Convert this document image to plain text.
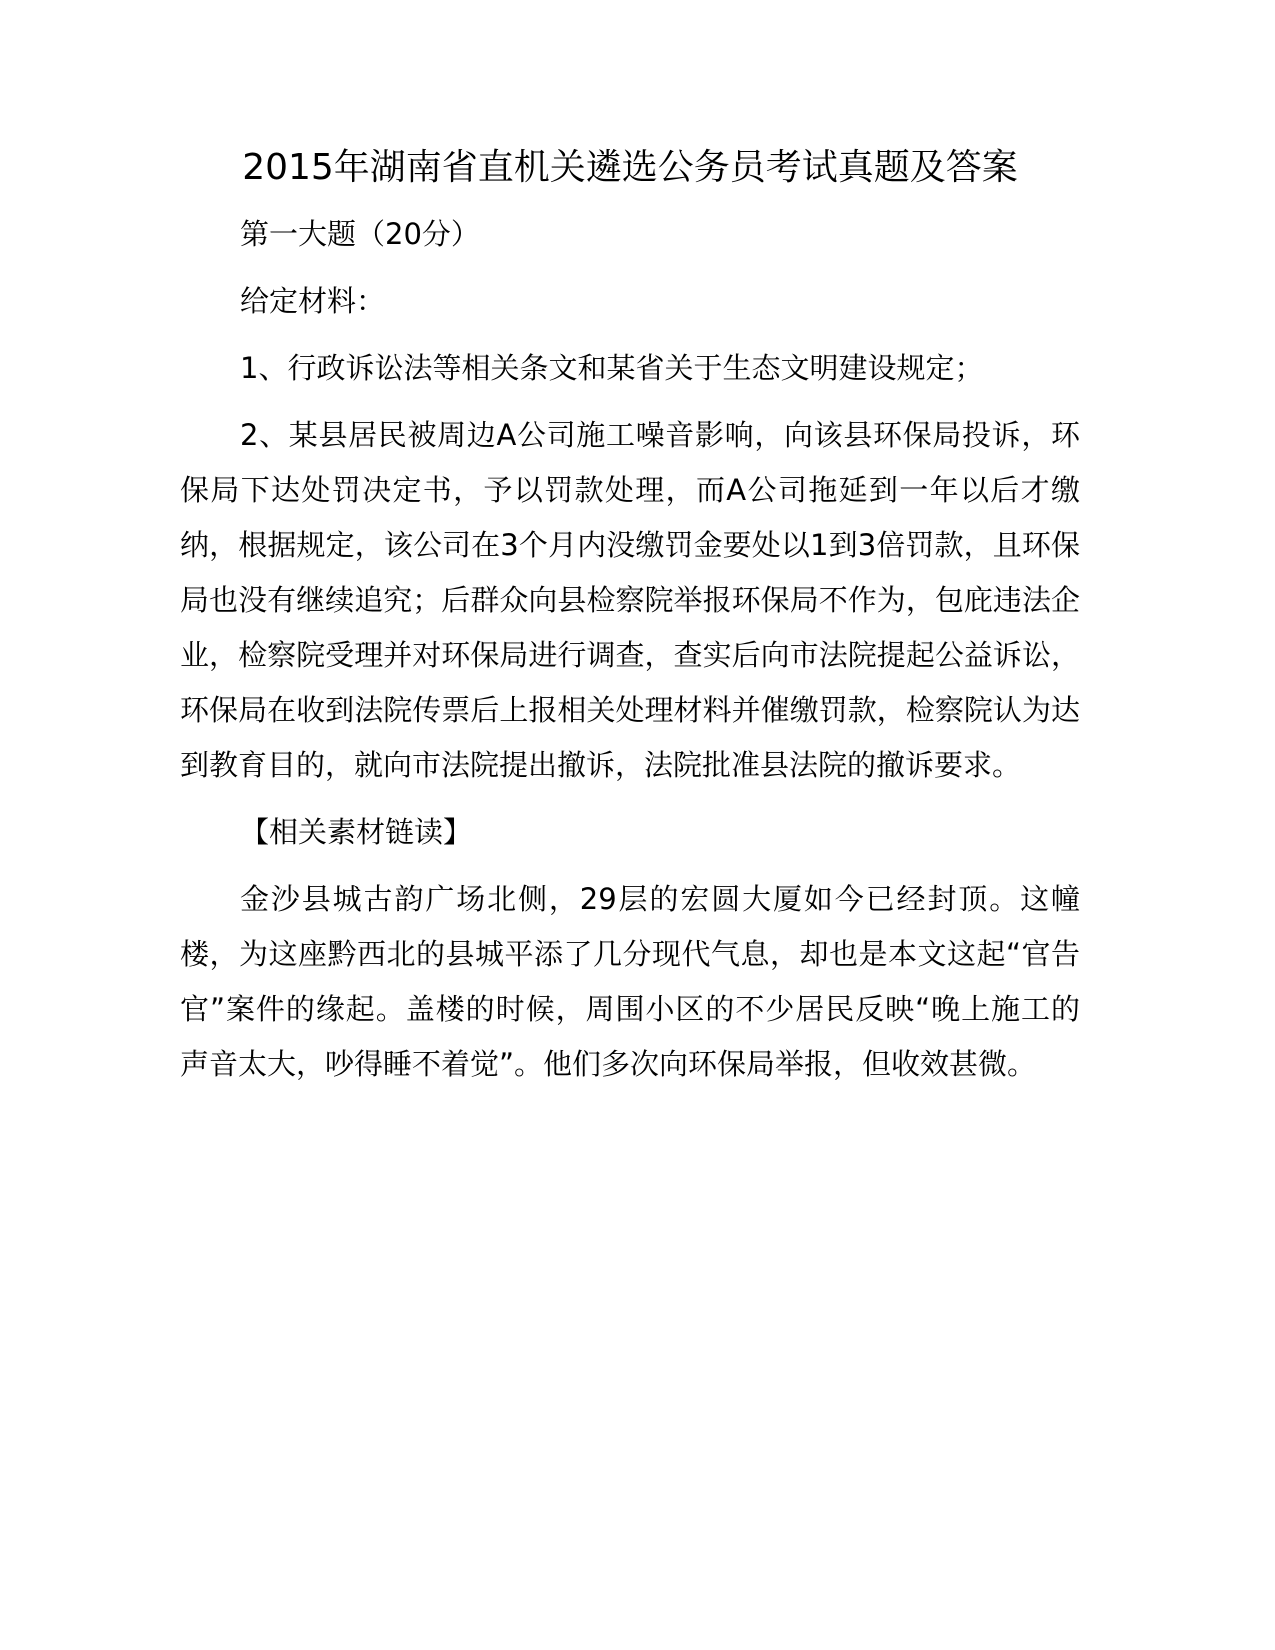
2015年湖南省直机关遴选公务员考试真题及答案

第一大题（20分）

给定材料：

1、行政诉讼法等相关条文和某省关于生态文明建设规定；

2、某县居民被周边A公司施工噪音影响，向该县环保局投诉，环保局下达处罚决定书，予以罚款处理，而A公司拖延到一年以后才缴纳，根据规定，该公司在3个月内没缴罚金要处以1到3倍罚款，且环保局也没有继续追究；后群众向县检察院举报环保局不作为，包庇违法企业，检察院受理并对环保局进行调查，查实后向市法院提起公益诉讼，环保局在收到法院传票后上报相关处理材料并催缴罚款，检察院认为达到教育目的，就向市法院提出撤诉，法院批准县法院的撤诉要求。

【相关素材链读】

金沙县城古韵广场北侧，29层的宏圆大厦如今已经封顶。这幢楼，为这座黔西北的县城平添了几分现代气息，却也是本文这起“官告官”案件的缘起。盖楼的时候，周围小区的不少居民反映“晚上施工的声音太大，吵得睡不着觉”。他们多次向环保局举报，但收效甚微。
